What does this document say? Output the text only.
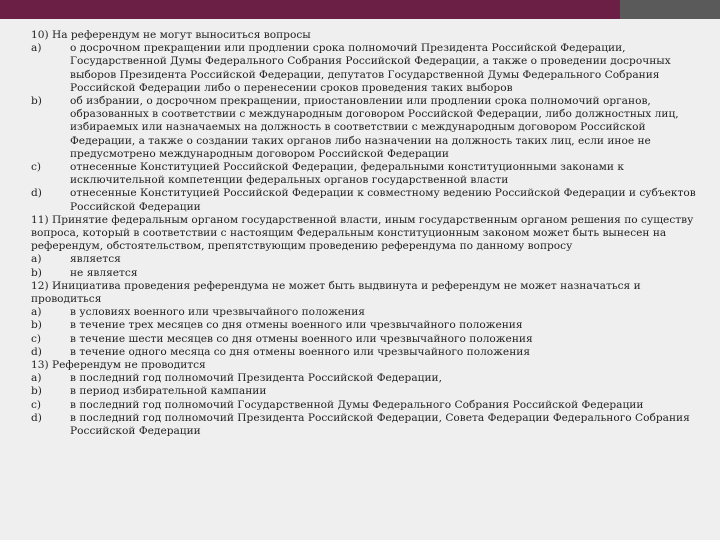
10) На референдум не могут выноситься вопросы
a)	о досрочном прекращении или продлении срока полномочий Президента Российской Федерации, Государственной Думы Федерального Собрания Российской Федерации, а также о проведении досрочных выборов Президента Российской Федерации, депутатов Государственной Думы Федерального Собрания Российской Федерации либо о перенесении сроков проведения таких выборов
b)	об избрании, о досрочном прекращении, приостановлении или продлении срока полномочий органов, образованных в соответствии с международным договором Российской Федерации, либо должностных лиц, избираемых или назначаемых на должность в соответствии с международным договором Российской Федерации, а также о создании таких органов либо назначении на должность таких лиц, если иное не предусмотрено международным договором Российской Федерации
c)	отнесенные Конституцией Российской Федерации, федеральными конституционными законами к исключительной компетенции федеральных органов государственной власти
d)	отнесенные Конституцией Российской Федерации к совместному ведению Российской Федерации и субъектов Российской Федерации
11) Принятие федеральным органом государственной власти, иным государственным органом решения по существу вопроса, который в соответствии с настоящим Федеральным конституционным законом может быть вынесен на референдум, обстоятельством, препятствующим проведению референдума по данному вопросу
a)	является
b)	не является
12) Инициатива проведения референдума не может быть выдвинута и референдум не может назначаться и проводиться
a)	в условиях военного или чрезвычайного положения
b)	в течение трех месяцев со дня отмены военного или чрезвычайного положения
c)	в течение шести месяцев со дня отмены военного или чрезвычайного положения
d)	в течение одного месяца со дня отмены военного или чрезвычайного положения
13) Референдум не проводится
a)	в последний год полномочий Президента Российской Федерации,
b)	в период избирательной кампании
c)	в последний год полномочий Государственной Думы Федерального Собрания Российской Федерации
d)	в последний год полномочий Президента Российской Федерации, Совета Федерации Федерального Собрания Российской Федерации
